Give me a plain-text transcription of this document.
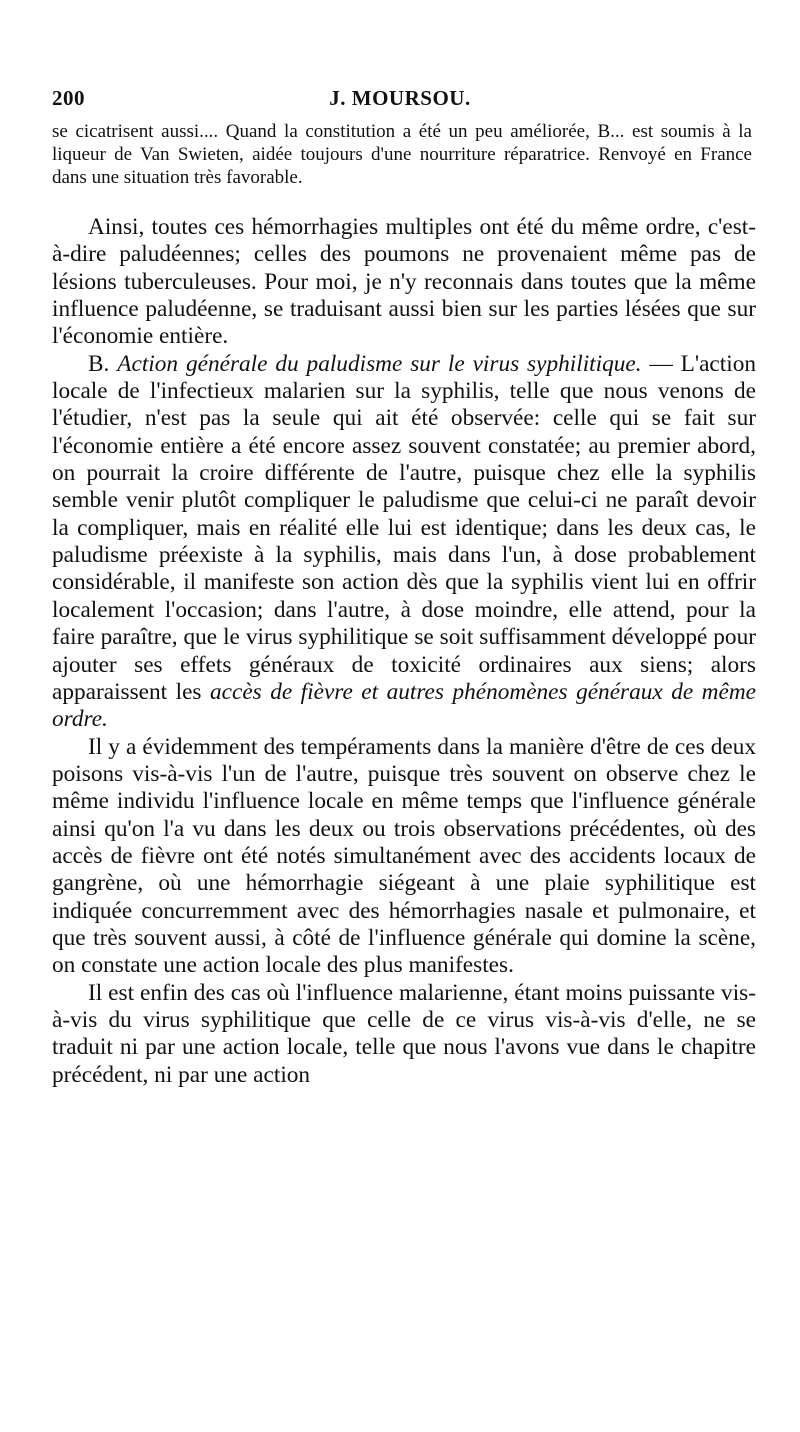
200	J. MOURSOU.

se cicatrisent aussi.... Quand la constitution a été un peu améliorée, B... est soumis à la liqueur de Van Swieten, aidée toujours d'une nourriture réparatrice. Renvoyé en France dans une situation très favorable.

Ainsi, toutes ces hémorrhagies multiples ont été du même ordre, c'est-à-dire paludéennes; celles des poumons ne provenaient même pas de lésions tuberculeuses. Pour moi, je n'y reconnais dans toutes que la même influence paludéenne, se traduisant aussi bien sur les parties lésées que sur l'économie entière.

B. Action générale du paludisme sur le virus syphilitique. — L'action locale de l'infectieux malarien sur la syphilis, telle que nous venons de l'étudier, n'est pas la seule qui ait été observée: celle qui se fait sur l'économie entière a été encore assez souvent constatée; au premier abord, on pourrait la croire différente de l'autre, puisque chez elle la syphilis semble venir plutôt compliquer le paludisme que celui-ci ne paraît devoir la compliquer, mais en réalité elle lui est identique; dans les deux cas, le paludisme préexiste à la syphilis, mais dans l'un, à dose probablement considérable, il manifeste son action dès que la syphilis vient lui en offrir localement l'occasion; dans l'autre, à dose moindre, elle attend, pour la faire paraître, que le virus syphilitique se soit suffisamment développé pour ajouter ses effets généraux de toxicité ordinaires aux siens; alors apparaissent les accès de fièvre et autres phénomènes généraux de même ordre.

Il y a évidemment des tempéraments dans la manière d'être de ces deux poisons vis-à-vis l'un de l'autre, puisque très souvent on observe chez le même individu l'influence locale en même temps que l'influence générale ainsi qu'on l'a vu dans les deux ou trois observations précédentes, où des accès de fièvre ont été notés simultanément avec des accidents locaux de gangrène, où une hémorrhagie siégeant à une plaie syphilitique est indiquée concurremment avec des hémorrhagies nasale et pulmonaire, et que très souvent aussi, à côté de l'influence générale qui domine la scène, on constate une action locale des plus manifestes.

Il est enfin des cas où l'influence malarienne, étant moins puissante vis-à-vis du virus syphilitique que celle de ce virus vis-à-vis d'elle, ne se traduit ni par une action locale, telle que nous l'avons vue dans le chapitre précédent, ni par une action
